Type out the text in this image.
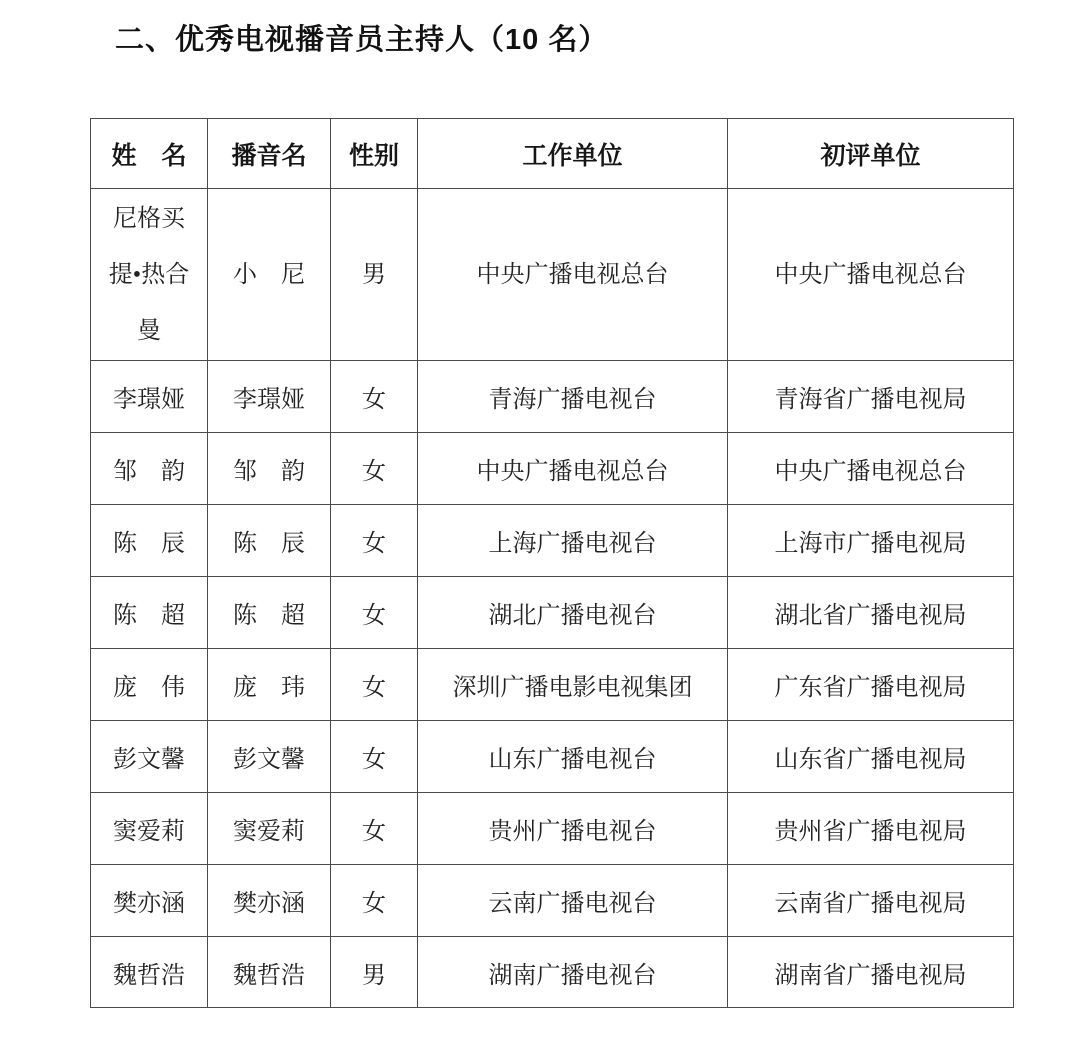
二、优秀电视播音员主持人（10 名）
姓　名	播音名	性别	工作单位	初评单位
尼格买
提•热合
曼	小　尼	男	中央广播电视总台	中央广播电视总台
李璟娅	李璟娅	女	青海广播电视台	青海省广播电视局
邹　韵	邹　韵	女	中央广播电视总台	中央广播电视总台
陈　辰	陈　辰	女	上海广播电视台	上海市广播电视局
陈　超	陈　超	女	湖北广播电视台	湖北省广播电视局
庞　伟	庞　玮	女	深圳广播电影电视集团	广东省广播电视局
彭文馨	彭文馨	女	山东广播电视台	山东省广播电视局
窦爱莉	窦爱莉	女	贵州广播电视台	贵州省广播电视局
樊亦涵	樊亦涵	女	云南广播电视台	云南省广播电视局
魏哲浩	魏哲浩	男	湖南广播电视台	湖南省广播电视局
